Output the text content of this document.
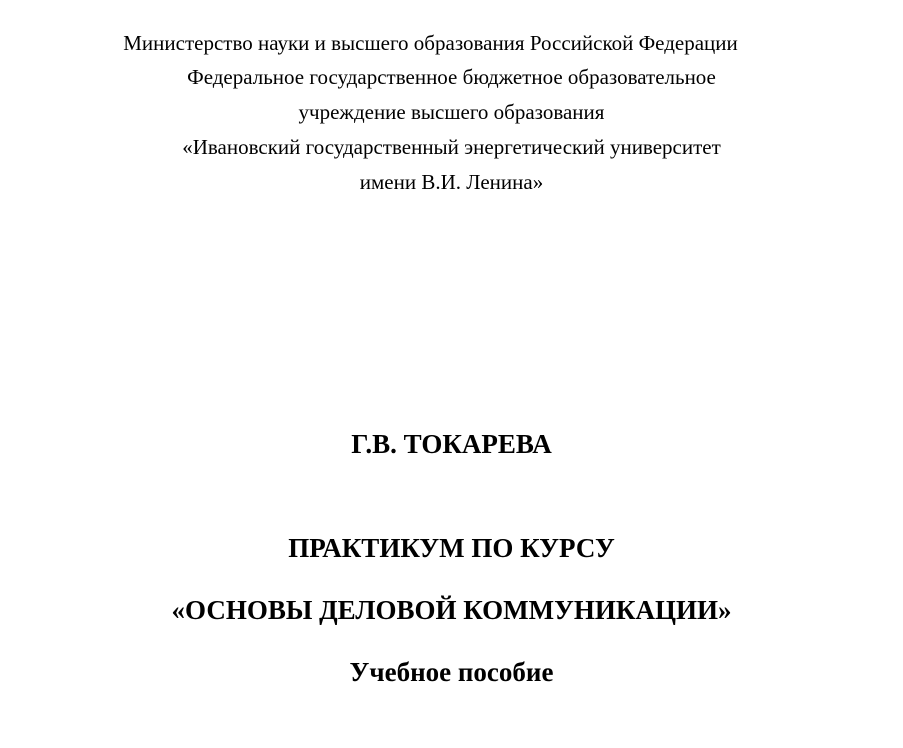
Министерство науки и высшего образования Российской Федерации
Федеральное государственное бюджетное образовательное
учреждение высшего образования
«Ивановский государственный энергетический университет
имени В.И. Ленина»
Г.В. ТОКАРЕВА
ПРАКТИКУМ ПО КУРСУ
«ОСНОВЫ ДЕЛОВОЙ КОММУНИКАЦИИ»
Учебное пособие
